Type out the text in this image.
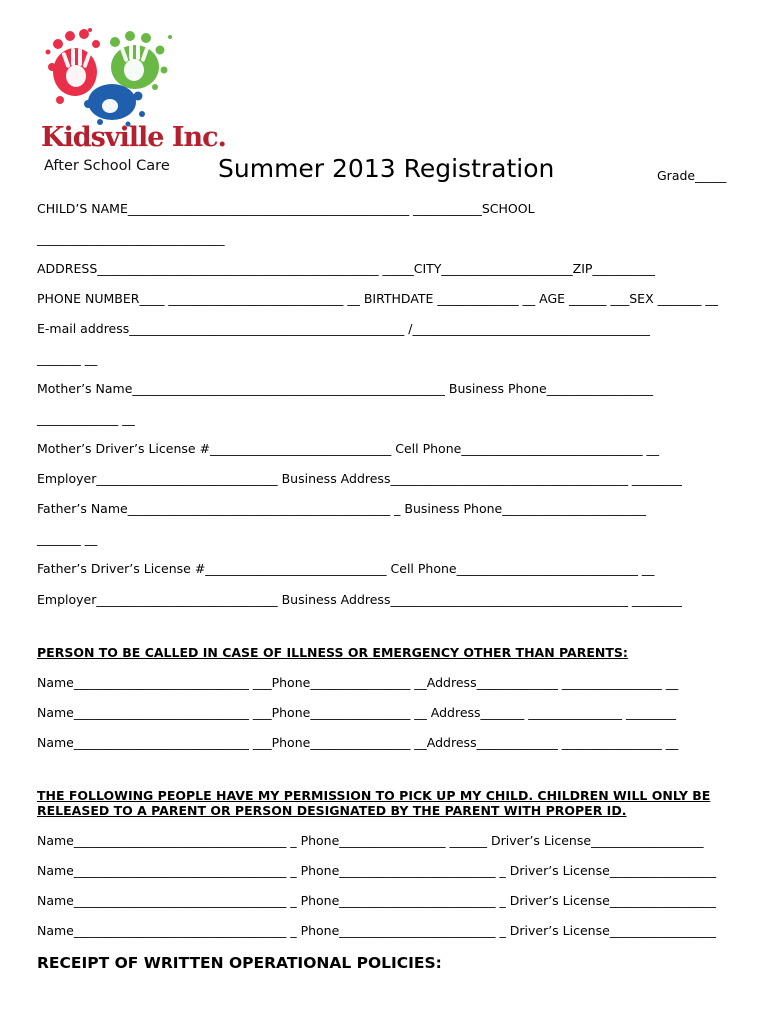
Kidsville Inc.
After School Care Summer 2013 Registration	Grade_____
CHILD’S NAME_____________________________________________ ___________SCHOOL
______________________________
ADDRESS_____________________________________________ _____CITY_____________________ZIP__________
PHONE NUMBER____ ____________________________ __ BIRTHDATE _____________ __ AGE ______ ___SEX _______ __
E-mail address____________________________________________ /______________________________________
_______ __
Mother’s Name__________________________________________________ Business Phone_________________
_____________ __
Mother’s Driver’s License #_____________________________ Cell Phone_____________________________ __
Employer_____________________________ Business Address______________________________________ ________
Father’s Name__________________________________________ _ Business Phone_______________________
_______ __
Father’s Driver’s License #_____________________________ Cell Phone_____________________________ __
Employer_____________________________ Business Address______________________________________ ________
PERSON TO BE CALLED IN CASE OF ILLNESS OR EMERGENCY OTHER THAN PARENTS:
Name____________________________ ___Phone________________ __Address_____________ ________________ __
Name____________________________ ___Phone________________ __ Address_______ _______________ ________
Name____________________________ ___Phone________________ __Address_____________ ________________ __
THE FOLLOWING PEOPLE HAVE MY PERMISSION TO PICK UP MY CHILD. CHILDREN WILL ONLY BE
RELEASED TO A PARENT OR PERSON DESIGNATED BY THE PARENT WITH PROPER ID.
Name__________________________________ _ Phone_________________ ______ Driver’s License__________________
Name__________________________________ _ Phone_________________________ _ Driver’s License_________________
Name__________________________________ _ Phone_________________________ _ Driver’s License_________________
Name__________________________________ _ Phone_________________________ _ Driver’s License_________________
RECEIPT OF WRITTEN OPERATIONAL POLICIES:
